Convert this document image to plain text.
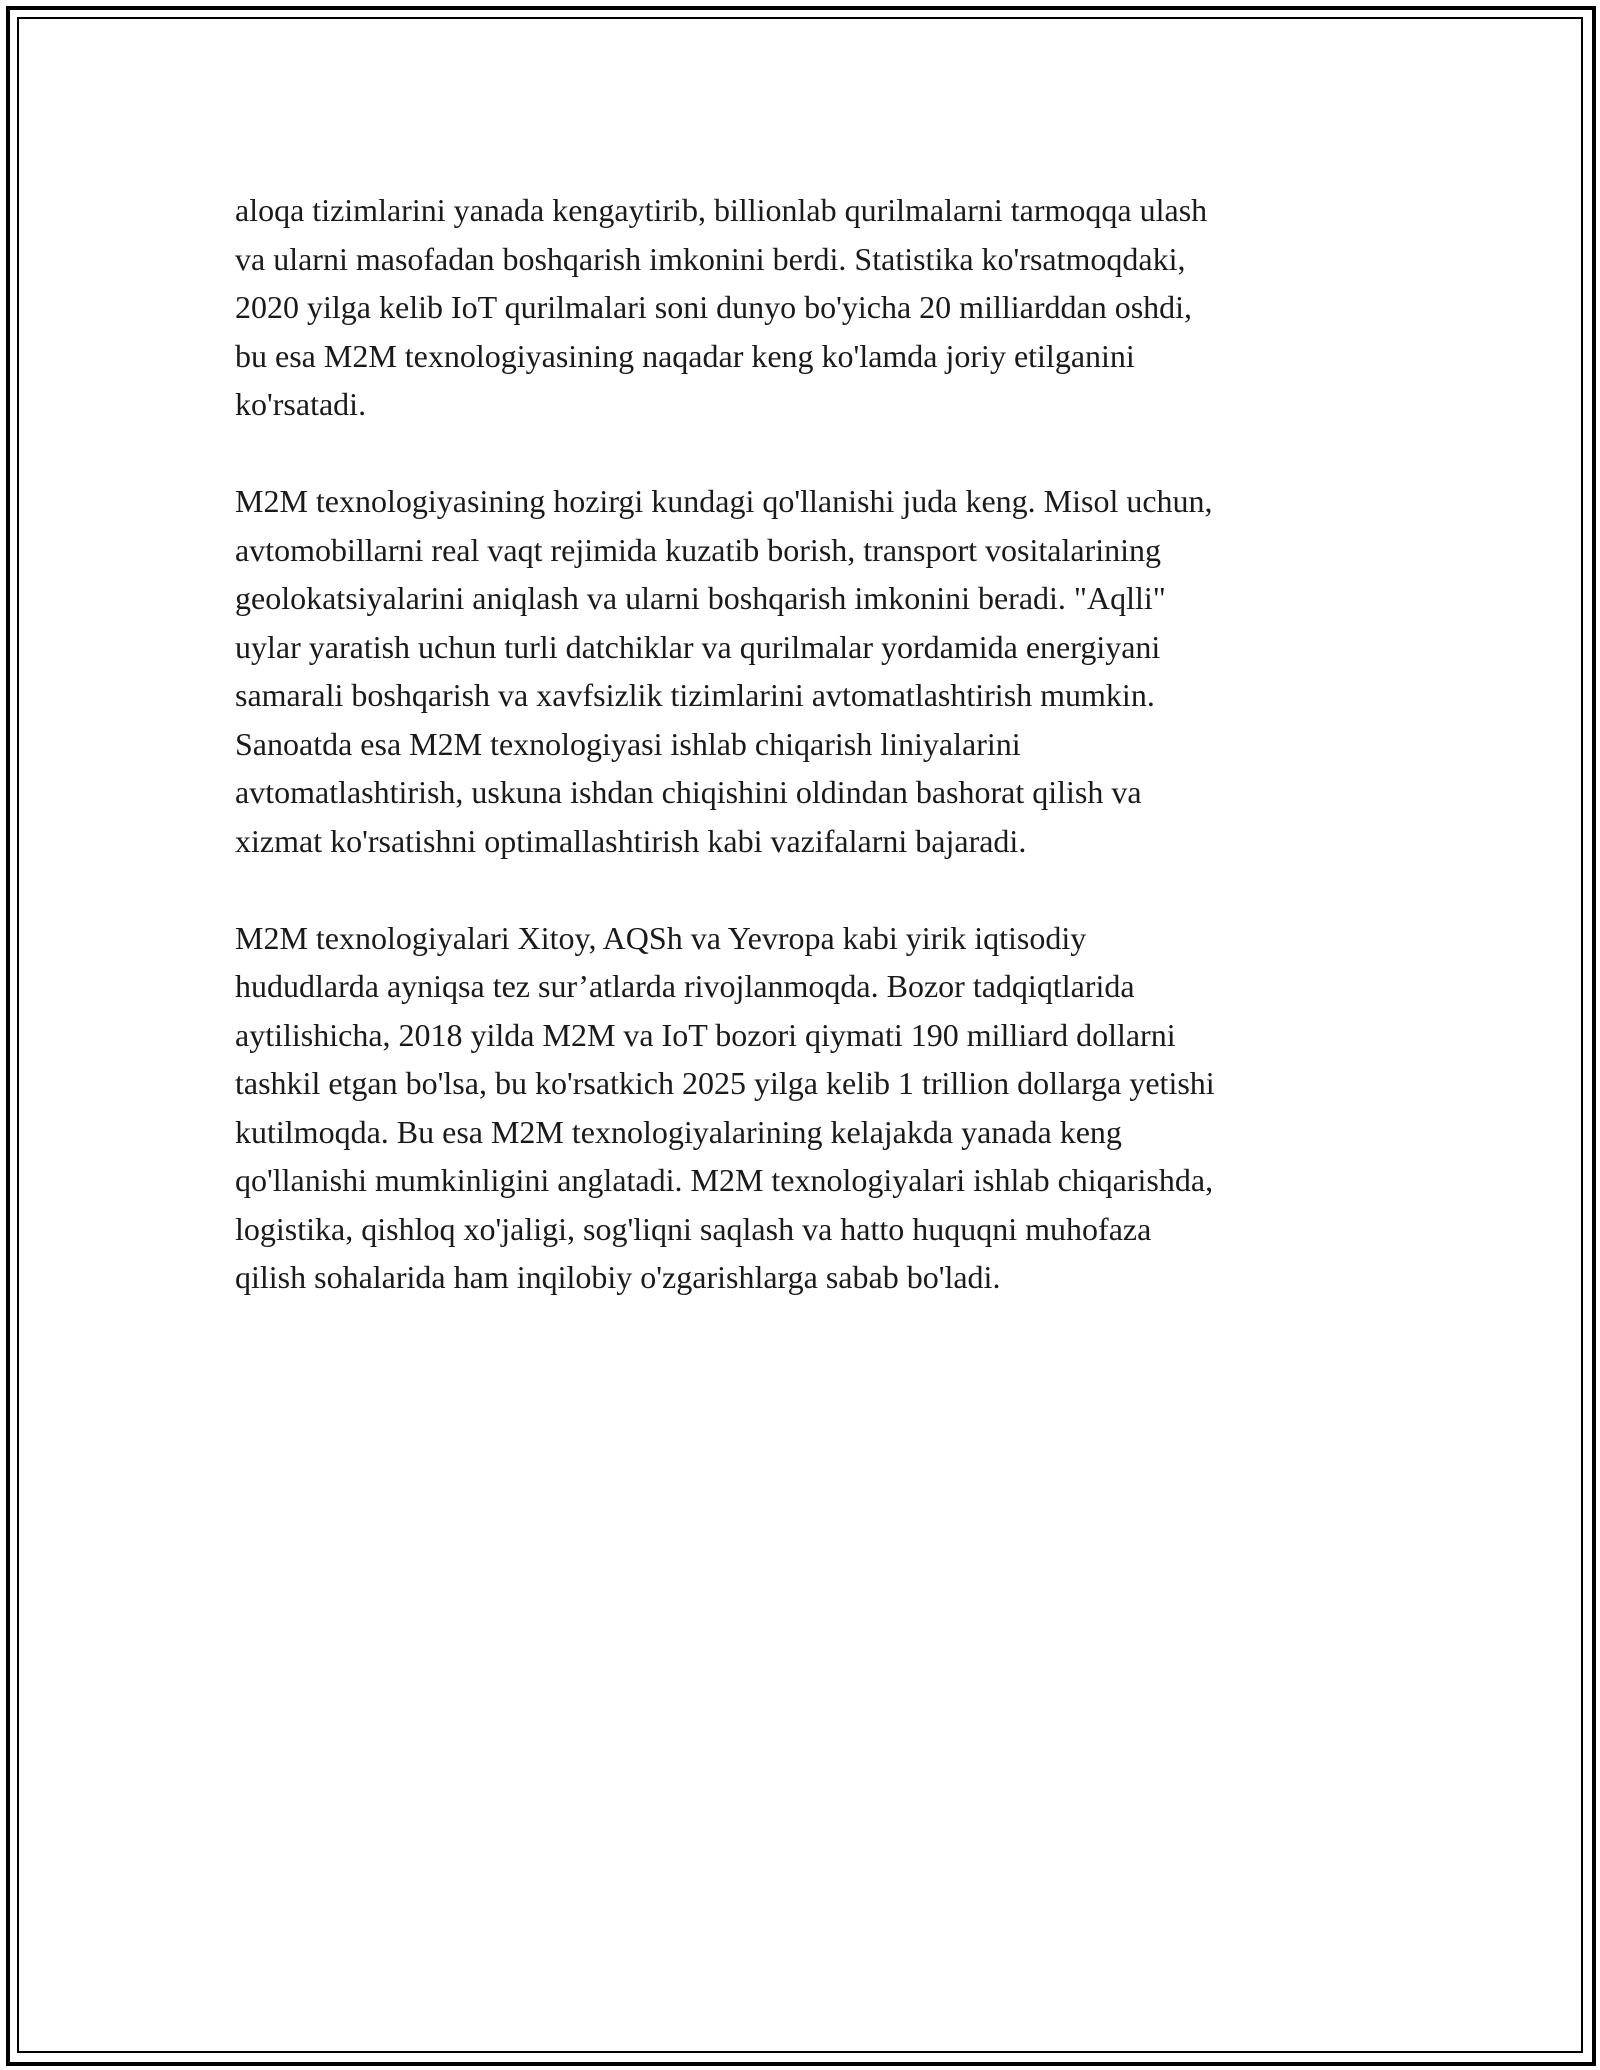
aloqa tizimlarini yanada kengaytirib, billionlab qurilmalarni tarmoqqa ulash
va ularni masofadan boshqarish imkonini berdi. Statistika ko'rsatmoqdaki,
2020 yilga kelib IoT qurilmalari soni dunyo bo'yicha 20 milliarddan oshdi,
bu esa M2M texnologiyasining naqadar keng ko'lamda joriy etilganini
ko'rsatadi.

M2M texnologiyasining hozirgi kundagi qo'llanishi juda keng. Misol uchun,
avtomobillarni real vaqt rejimida kuzatib borish, transport vositalarining
geolokatsiyalarini aniqlash va ularni boshqarish imkonini beradi. "Aqlli"
uylar yaratish uchun turli datchiklar va qurilmalar yordamida energiyani
samarali boshqarish va xavfsizlik tizimlarini avtomatlashtirish mumkin.
Sanoatda esa M2M texnologiyasi ishlab chiqarish liniyalarini
avtomatlashtirish, uskuna ishdan chiqishini oldindan bashorat qilish va
xizmat ko'rsatishni optimallashtirish kabi vazifalarni bajaradi.

M2M texnologiyalari Xitoy, AQSh va Yevropa kabi yirik iqtisodiy
hududlarda ayniqsa tez sur’atlarda rivojlanmoqda. Bozor tadqiqtlarida
aytilishicha, 2018 yilda M2M va IoT bozori qiymati 190 milliard dollarni
tashkil etgan bo'lsa, bu ko'rsatkich 2025 yilga kelib 1 trillion dollarga yetishi
kutilmoqda. Bu esa M2M texnologiyalarining kelajakda yanada keng
qo'llanishi mumkinligini anglatadi. M2M texnologiyalari ishlab chiqarishda,
logistika, qishloq xo'jaligi, sog'liqni saqlash va hatto huquqni muhofaza
qilish sohalarida ham inqilobiy o'zgarishlarga sabab bo'ladi.
